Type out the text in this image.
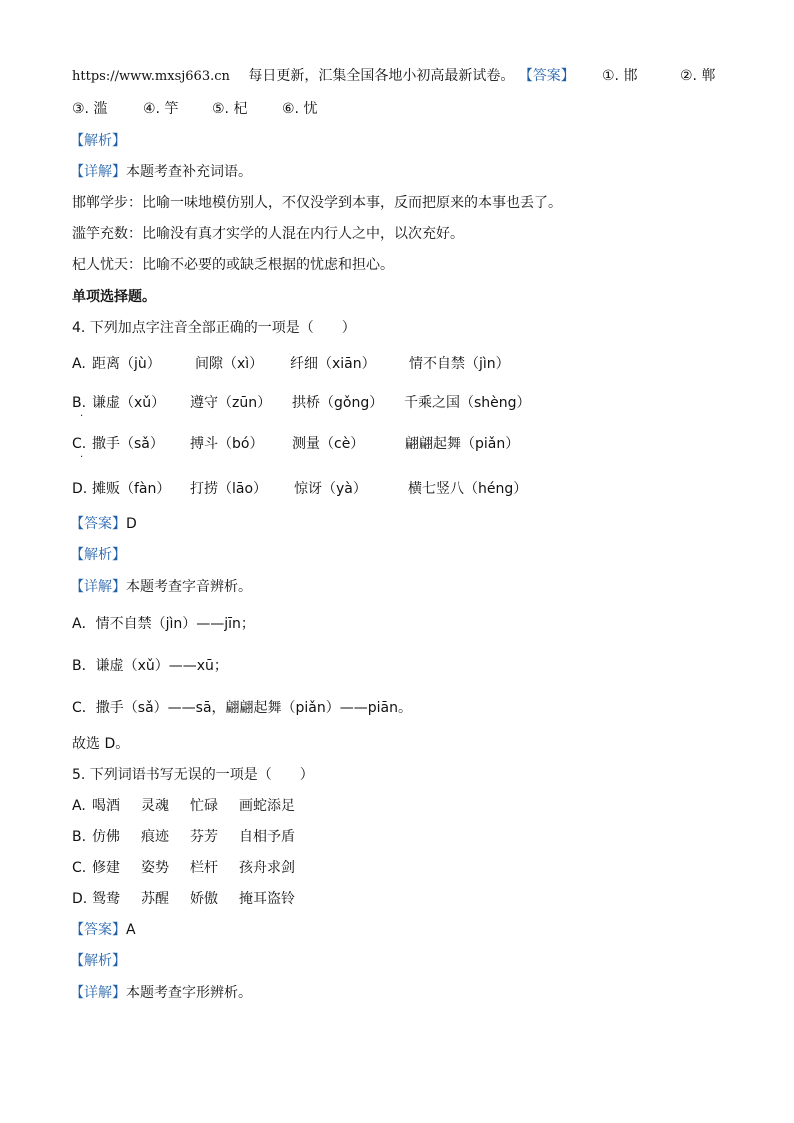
https://www.mxsj663.cn 每日更新，汇集全国各地小初高最新试卷。 【答案】 ①. 邯	②. 郸
③. 滥	④. 竽 ⑤. 杞 ⑥. 忧
【解析】
【详解】本题考查补充词语。
邯郸学步：比喻一味地模仿别人，不仅没学到本事，反而把原来的本事也丢了。
滥竽充数：比喻没有真才实学的人混在内行人之中，以次充好。
杞人忧天：比喻不必要的或缺乏根据的忧虑和担心。
单项选择题。
4. 下列加点字注音全部正确的一项是（　　）
A. 距离（jù） 间隙（xì） 纤细（xiān） 情不自禁（jìn）
B. 谦虚（xǔ） 遵守（zūn） 拱桥（gǒng） 千乘之国（shèng）
·
C. 撒手（sǎ） 搏斗（bó） 测量（cè）	翩翩起舞（piǎn）
·
D. 摊贩（fàn） 打捞（lāo） 惊讶（yà）	横七竖八（héng）
【答案】D
【解析】
【详解】本题考查字音辨析。
A．情不自禁（jìn）——jīn；
B．谦虚（xǔ）——xū；
C．撒手（sǎ）——sā，翩翩起舞（piǎn）——piān。
故选 D。
5. 下列词语书写无误的一项是（　　）
A. 喝酒 灵魂 忙碌 画蛇添足
B. 仿佛 痕迹 芬芳 自相予盾
C. 修建 姿势 栏杆 孩舟求剑
D. 鸳鸯 苏醒 娇傲 掩耳盗铃
【答案】A
【解析】
【详解】本题考查字形辨析。
